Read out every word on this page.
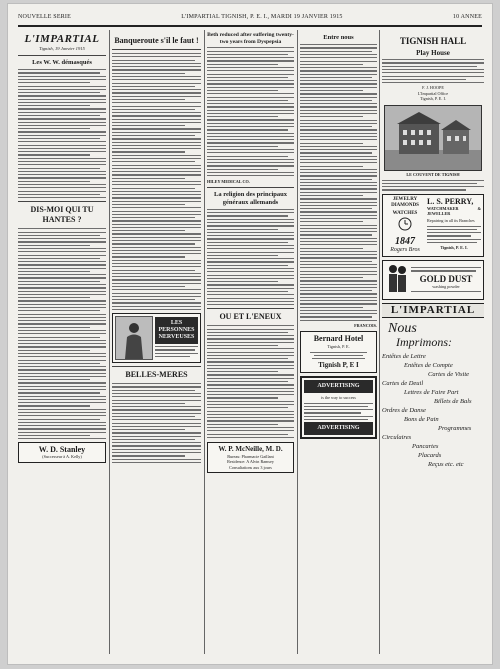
NOUVELLE SERIE	L'IMPARTIAL TIGNISH, P. E. I., MARDI 19 JANVIER 1915	10 ANNEE
L'IMPARTIAL
Tignish, 19 Janvier 1915
Les W. W. démasqués
DIS-MOI QUI TU HANTES ?
W. D. Stanley
(Successeur à A. Kelly)
Banqueroute s'il le faut !
LES
PERSONNES NERVEUSES
BELLES-MERES
Beth reduced after suffering twenty-two years from Dyspepsia
HILEY MEDICAL CO.
La religion des principaux généraux allemands
OU ET L'ENEUX
W. P. McNeille, M. D.
Bureau: Pharmacie Gaillant
Residence: A Alvin Ramsey
Consultations aux 3 jours
Entre nous
FRANCOIS.
Bernard Hotel
Tignish, P. E.
Tignish P, E I
ADVERTISING
is the way to success
ADVERTISING
TIGNISH HALL
Play House
F. J. HOOPE
L'Impartial Office
Tignish, P. E. I.
LE COUVENT DE TIGNISH
JEWELRY DIAMONDS
WATCHES
1847
Rogers Bros
L. S. PERRY,
WATCHMAKER & JEWELLER
Repairing in all its Branches
Tignish, P. E. I.
GOLD DUST
washing powder
L'IMPARTIAL
Nous
Imprimons:
Entêtes de Lettre
Entêtes de Compte
Cartes de Visite
Cartes de Deuil
Lettres de Faire Part
Billets de Bals
Ordres de Danse
Bons de Pain
Programmes
Circulaires
Pancartes
Placards
Reçus etc. etc
